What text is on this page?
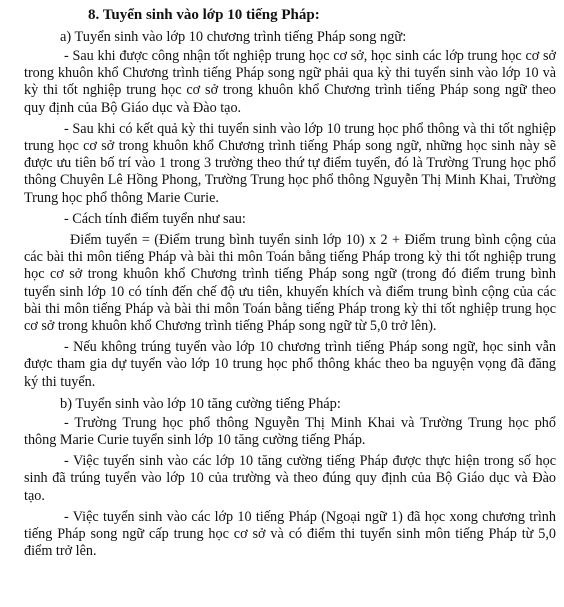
8. Tuyển sinh vào lớp 10 tiếng Pháp:
a) Tuyển sinh vào lớp 10 chương trình tiếng Pháp song ngữ:

- Sau khi được công nhận tốt nghiệp trung học cơ sở, học sinh các lớp trung học cơ sở trong khuôn khổ Chương trình tiếng Pháp song ngữ phải qua kỳ thi tuyển sinh vào lớp 10 và kỳ thi tốt nghiệp trung học cơ sở trong khuôn khổ Chương trình tiếng Pháp song ngữ theo quy định của Bộ Giáo dục và Đào tạo.

- Sau khi có kết quả kỳ thi tuyển sinh vào lớp 10 trung học phổ thông và thi tốt nghiệp trung học cơ sở trong khuôn khổ Chương trình tiếng Pháp song ngữ, những học sinh này sẽ được ưu tiên bố trí vào 1 trong 3 trường theo thứ tự điểm tuyển, đó là Trường Trung học phổ thông Chuyên Lê Hồng Phong, Trường Trung học phổ thông Nguyễn Thị Minh Khai, Trường Trung học phổ thông Marie Curie.

- Cách tính điểm tuyển như sau:

Điểm tuyển = (Điểm trung bình tuyển sinh lớp 10) x 2 + Điểm trung bình cộng của các bài thi môn tiếng Pháp và bài thi môn Toán bằng tiếng Pháp trong kỳ thi tốt nghiệp trung học cơ sở trong khuôn khổ Chương trình tiếng Pháp song ngữ (trong đó điểm trung bình tuyển sinh lớp 10 có tính đến chế độ ưu tiên, khuyến khích và điểm trung bình cộng của các bài thi môn tiếng Pháp và bài thi môn Toán bằng tiếng Pháp trong kỳ thi tốt nghiệp trung học cơ sở trong khuôn khổ Chương trình tiếng Pháp song ngữ từ 5,0 trở lên).

- Nếu không trúng tuyển vào lớp 10 chương trình tiếng Pháp song ngữ, học sinh vẫn được tham gia dự tuyển vào lớp 10 trung học phổ thông khác theo ba nguyện vọng đã đăng ký thi tuyển.

b) Tuyển sinh vào lớp 10 tăng cường tiếng Pháp:

- Trường Trung học phổ thông Nguyễn Thị Minh Khai và Trường Trung học phổ thông Marie Curie tuyển sinh lớp 10 tăng cường tiếng Pháp.

- Việc tuyển sinh vào các lớp 10 tăng cường tiếng Pháp được thực hiện trong số học sinh đã trúng tuyển vào lớp 10 của trường và theo đúng quy định của Bộ Giáo dục và Đào tạo.

- Việc tuyển sinh vào các lớp 10 tiếng Pháp (Ngoại ngữ 1) đã học xong chương trình tiếng Pháp song ngữ cấp trung học cơ sở và có điểm thi tuyển sinh môn tiếng Pháp từ 5,0 điểm trở lên.
